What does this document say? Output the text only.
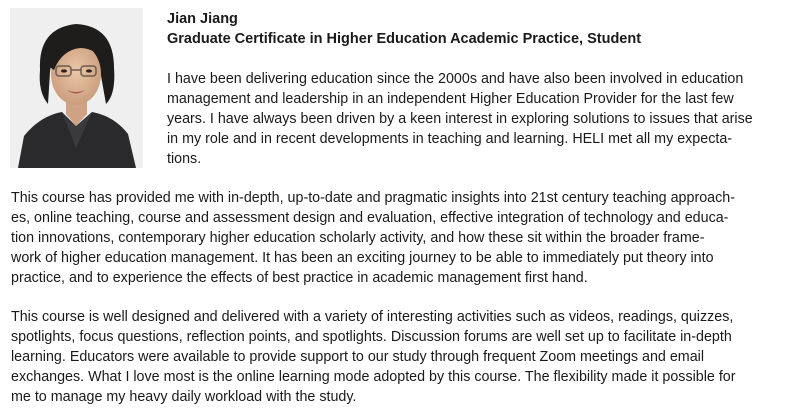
Jian Jiang
Graduate Certificate in Higher Education Academic Practice, Student

I have been delivering education since the 2000s and have also been involved in education
management and leadership in an independent Higher Education Provider for the last few
years. I have always been driven by a keen interest in exploring solutions to issues that arise
in my role and in recent developments in teaching and learning. HELI met all my expecta-
tions.

This course has provided me with in-depth, up-to-date and pragmatic insights into 21st century teaching approach-
es, online teaching, course and assessment design and evaluation, effective integration of technology and educa-
tion innovations, contemporary higher education scholarly activity, and how these sit within the broader frame-
work of higher education management. It has been an exciting journey to be able to immediately put theory into
practice, and to experience the effects of best practice in academic management first hand.

This course is well designed and delivered with a variety of interesting activities such as videos, readings, quizzes,
spotlights, focus questions, reflection points, and spotlights. Discussion forums are well set up to facilitate in-depth
learning. Educators were available to provide support to our study through frequent Zoom meetings and email
exchanges. What I love most is the online learning mode adopted by this course. The flexibility made it possible for
me to manage my heavy daily workload with the study.
